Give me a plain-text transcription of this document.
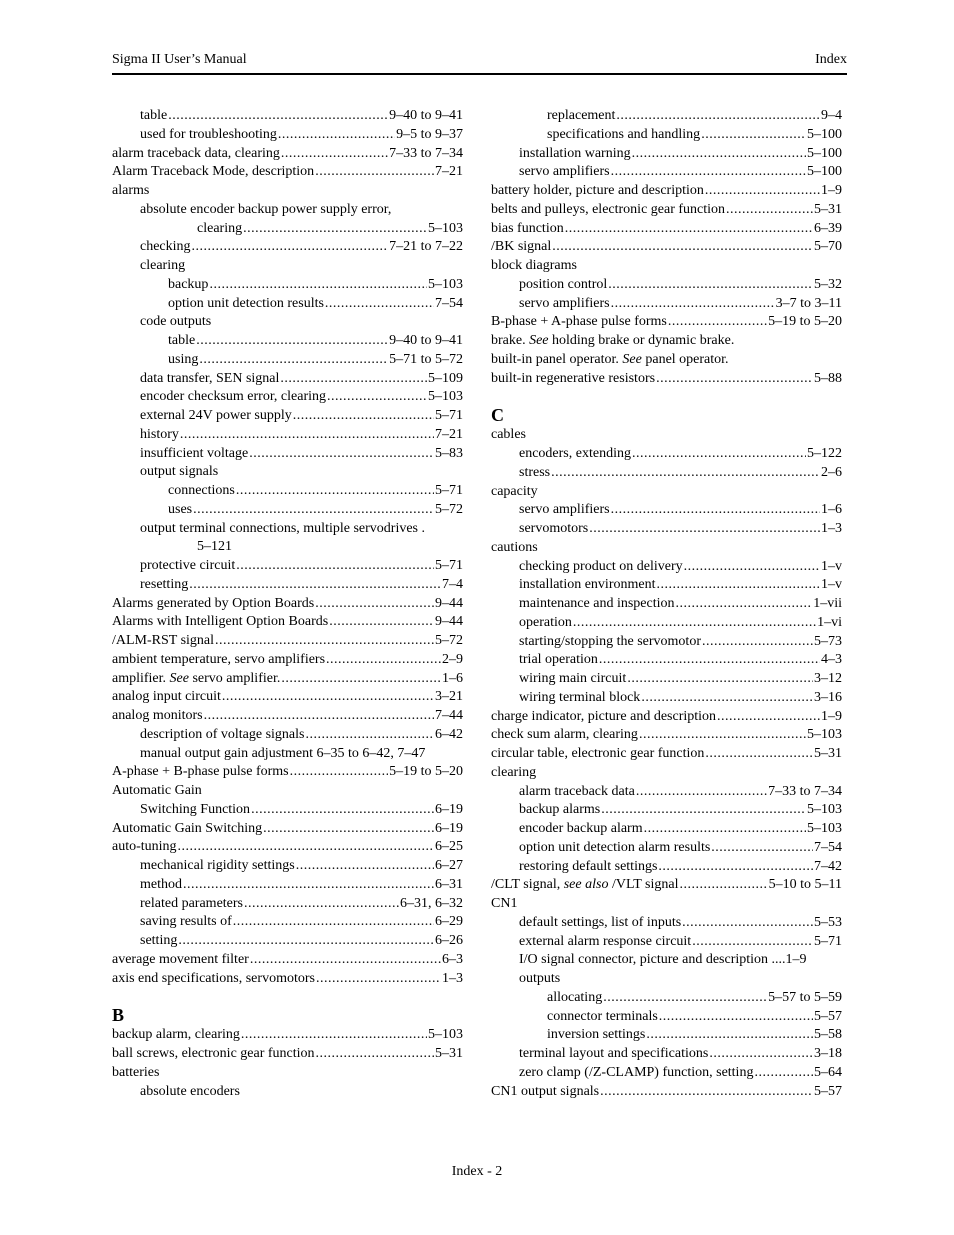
Sigma II User’s Manual	Index
table .....	9–40 to 9–41
used for troubleshooting .....	9–5 to 9–37
alarm traceback data, clearing .....	7–33 to 7–34
Alarm Traceback Mode, description .....	7–21
alarms
absolute encoder backup power supply error,
clearing .....	5–103
checking .....	7–21 to 7–22
clearing
backup .....	5–103
option unit detection results .....	7–54
code outputs
table .....	9–40 to 9–41
using .....	5–71 to 5–72
data transfer, SEN signal .....	5–109
encoder checksum error, clearing .....	5–103
external 24V power supply .....	5–71
history .....	7–21
insufficient voltage .....	5–83
output signals
connections .....	5–71
uses .....	5–72
output terminal connections, multiple servodrives .
5–121
protective circuit .....	5–71
resetting .....	7–4
Alarms generated by Option Boards .....	9–44
Alarms with Intelligent Option Boards .....	9–44
/ALM-RST signal .....	5–72
ambient temperature, servo amplifiers .....	2–9
amplifier. See servo amplifier. .....	1–6
analog input circuit .....	3–21
analog monitors .....	7–44
description of voltage signals .....	6–42
manual output gain adjustment 6–35 to 6–42, 7–47
A-phase + B-phase pulse forms .....	5–19 to 5–20
Automatic Gain
Switching Function .....	6–19
Automatic Gain Switching .....	6–19
auto-tuning .....	6–25
mechanical rigidity settings .....	6–27
method .....	6–31
related parameters .....	6–31, 6–32
saving results of .....	6–29
setting .....	6–26
average movement filter .....	6–3
axis end specifications, servomotors .....	1–3
B
backup alarm, clearing .....	5–103
ball screws, electronic gear function .....	5–31
batteries
absolute encoders
replacement .....	9–4
specifications and handling .....	5–100
installation warning .....	5–100
servo amplifiers .....	5–100
battery holder, picture and description .....	1–9
belts and pulleys, electronic gear function .....	5–31
bias function .....	6–39
/BK signal .....	5–70
block diagrams
position control .....	5–32
servo amplifiers .....	3–7 to 3–11
B-phase + A-phase pulse forms .....	5–19 to 5–20
brake. See holding brake or dynamic brake.
built-in panel operator. See panel operator.
built-in regenerative resistors .....	5–88
C
cables
encoders, extending .....	5–122
stress .....	2–6
capacity
servo amplifiers .....	1–6
servomotors .....	1–3
cautions
checking product on delivery .....	1–v
installation environment .....	1–v
maintenance and inspection .....	1–vii
operation .....	1–vi
starting/stopping the servomotor .....	5–73
trial operation .....	4–3
wiring main circuit .....	3–12
wiring terminal block .....	3–16
charge indicator, picture and description .....	1–9
check sum alarm, clearing .....	5–103
circular table, electronic gear function .....	5–31
clearing
alarm traceback data .....	7–33 to 7–34
backup alarms .....	5–103
encoder backup alarm .....	5–103
option unit detection alarm results .....	7–54
restoring default settings .....	7–42
/CLT signal, see also /VLT signal .....	5–10 to 5–11
CN1
default settings, list of inputs .....	5–53
external alarm response circuit .....	5–71
I/O signal connector, picture and description ....1–9
outputs
allocating .....	5–57 to 5–59
connector terminals .....	5–57
inversion settings .....	5–58
terminal layout and specifications .....	3–18
zero clamp (/Z-CLAMP) function, setting .....	5–64
CN1 output signals .....	5–57
Index - 2
